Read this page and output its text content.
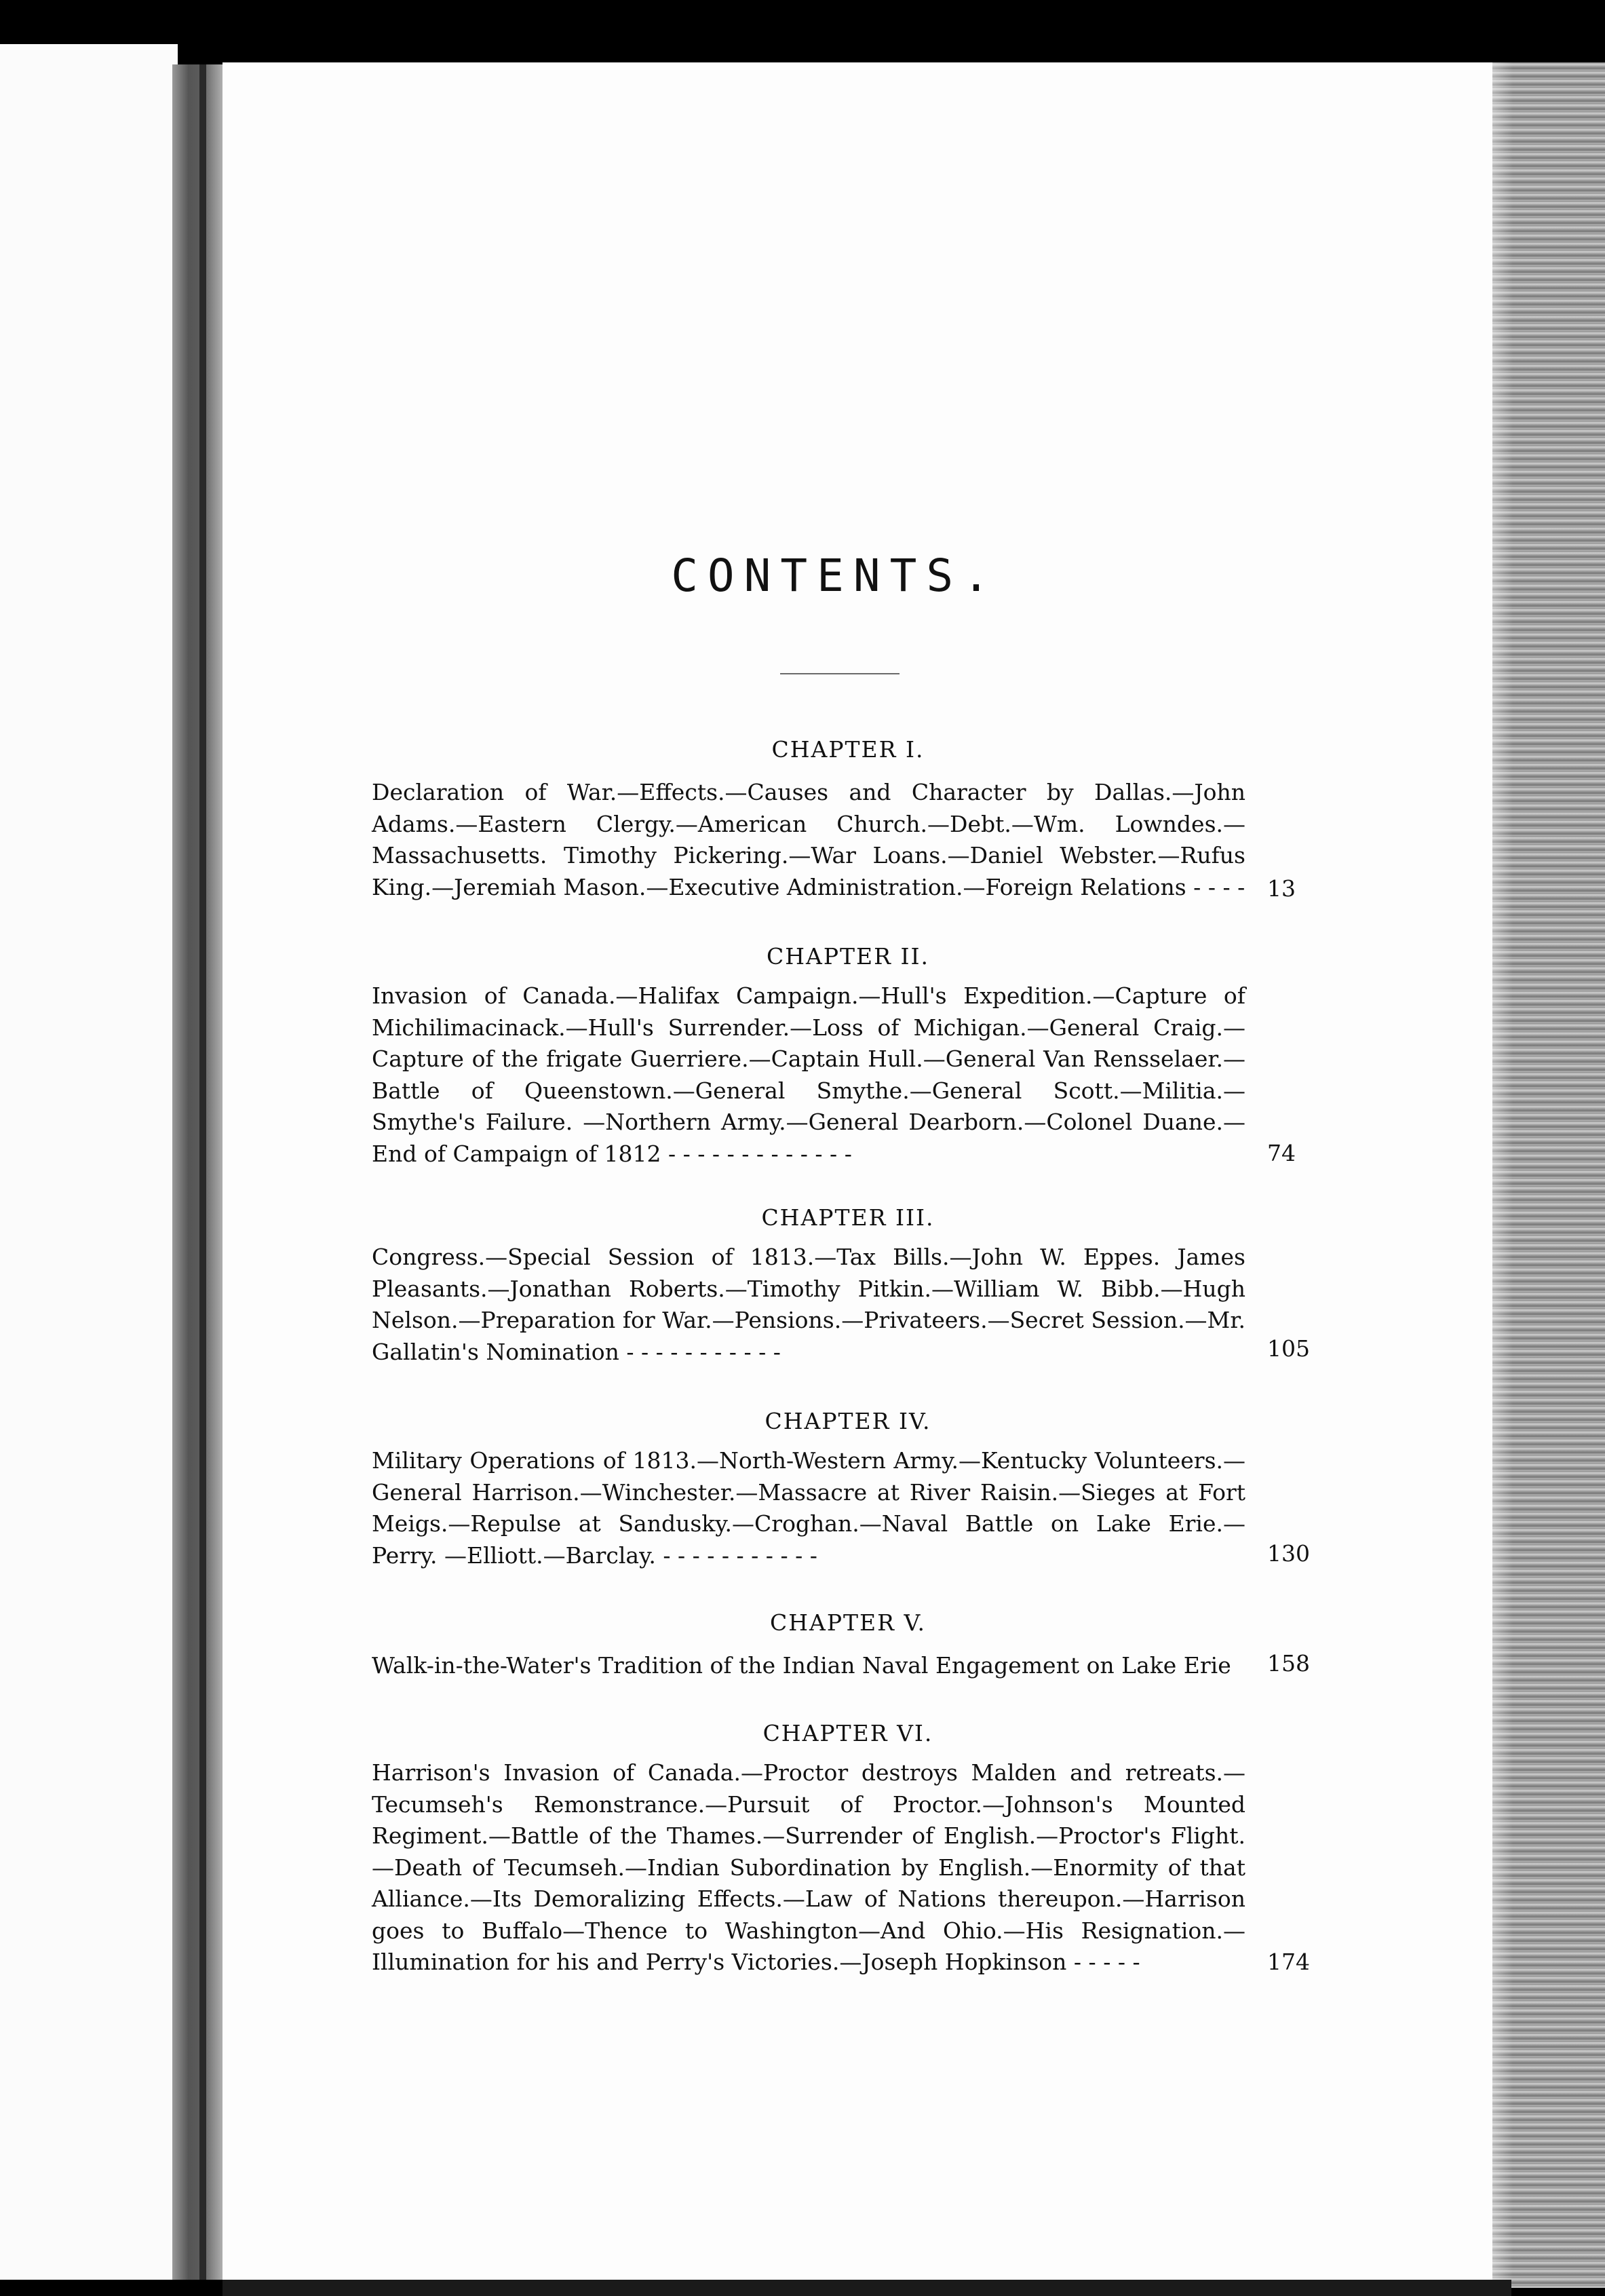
CONTENTS.
CHAPTER I.
Declaration of War.—Effects.—Causes and Character by Dallas.—John Adams.—Eastern Clergy.—American Church.—Debt.—Wm. Lowndes.—Massachusetts. Timothy Pickering.—War Loans.—Daniel Webster.—Rufus King.—Jeremiah Mason.—Executive Administration.—Foreign Relations - - - - 13
CHAPTER II.
Invasion of Canada.—Halifax Campaign.—Hull's Expedition.—Capture of Michilimacinack.—Hull's Surrender.—Loss of Michigan.—General Craig.—Capture of the frigate Guerriere.—Captain Hull.—General Van Rensselaer.—Battle of Queenstown.—General Smythe.—General Scott.—Militia.—Smythe's Failure. —Northern Army.—General Dearborn.—Colonel Duane.—End of Campaign of 1812 - - - - - - - - - - - - -	74
CHAPTER III.
Congress.—Special Session of 1813.—Tax Bills.—John W. Eppes. James Pleasants.—Jonathan Roberts.—Timothy Pitkin.—William W. Bibb.—Hugh Nelson.—Preparation for War.—Pensions.—Privateers.—Secret Session.—Mr. Gallatin's Nomination - - - - - - - - - - -	105
CHAPTER IV.
Military Operations of 1813.—North-Western Army.—Kentucky Volunteers.—General Harrison.—Winchester.—Massacre at River Raisin.—Sieges at Fort Meigs.—Repulse at Sandusky.—Croghan.—Naval Battle on Lake Erie.—Perry. —Elliott.—Barclay. - - - - - - - - - - -	130
CHAPTER V.
Walk-in-the-Water's Tradition of the Indian Naval Engagement on Lake Erie	158
CHAPTER VI.
Harrison's Invasion of Canada.—Proctor destroys Malden and retreats.—Tecumseh's Remonstrance.—Pursuit of Proctor.—Johnson's Mounted Regiment.—Battle of the Thames.—Surrender of English.—Proctor's Flight.—Death of Tecumseh.—Indian Subordination by English.—Enormity of that Alliance.—Its Demoralizing Effects.—Law of Nations thereupon.—Harrison goes to Buffalo—Thence to Washington—And Ohio.—His Resignation.—Illumination for his and Perry's Victories.—Joseph Hopkinson - - - - -	174
